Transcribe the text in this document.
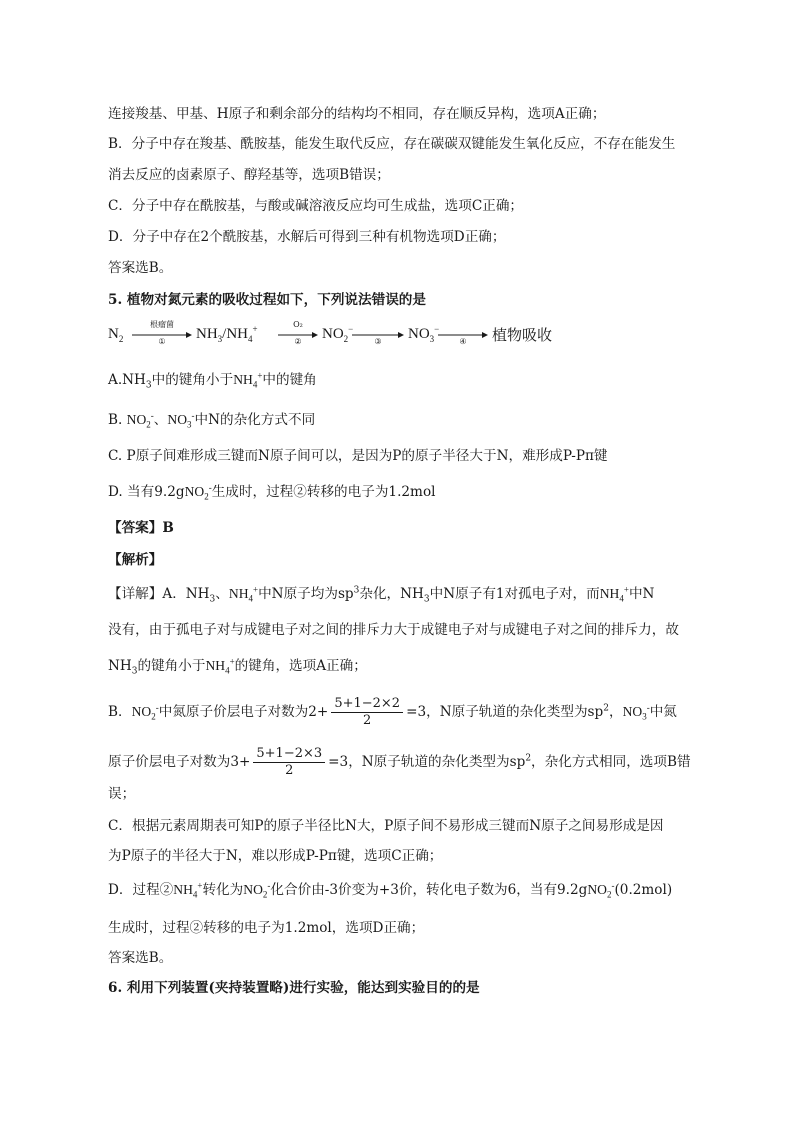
连接羧基、甲基、H原子和剩余部分的结构均不相同，存在顺反异构，选项A正确；
B．分子中存在羧基、酰胺基，能发生取代反应，存在碳碳双键能发生氧化反应，不存在能发生
消去反应的卤素原子、醇羟基等，选项B错误；
C．分子中存在酰胺基，与酸或碱溶液反应均可生成盐，选项C正确；
D．分子中存在2个酰胺基，水解后可得到三种有机物选项D正确；
答案选B。
5. 植物对氮元素的吸收过程如下，下列说法错误的是
$N_2$
根瘤菌
①	$NH_3/NH_4^+$	O₂
②	$NO_2^-$
③	$NO_3^-$
④	植物吸收
$A.NH_3$中的键角小于$NH_4^+$中的键角
B. $NO_2^-$、$NO_3^-$中N的杂化方式不同
C. P原子间难形成三键而N原子间可以，是因为P的原子半径大于N，难形成P-Pπ键
D. 当有9.2gNO$_2$-生成时，过程②转移的电子为1.2mol
【答案】B
【解析】
【详解】A．$NH_3$、$NH_4^+$中N原子均为$sp^3$杂化，$NH_3$中N原子有1对孤电子对，而$NH_4^+$中N
没有，由于孤电子对与成键电子对之间的排斥力大于成键电子对与成键电子对之间的排斥力，故
$NH_3$的键角小于$NH_4^+$的键角，选项A正确；
B．$NO_2^-$中氮原子价层电子对数为$2+ \frac{5+1-2\times 2}{2} =3$，N原子轨道的杂化类型为$sp^2$，$NO_3^-$中氮
原子价层电子对数为$3+ \frac{5+1-2\times 3}{2} =3$，N原子轨道的杂化类型为$sp^2$，杂化方式相同，选项B错
误；
C．根据元素周期表可知P的原子半径比N大，P原子间不易形成三键而N原子之间易形成是因
为P原子的半径大于N，难以形成P-Pπ键，选项C正确；
D．过程$②NH_4^+$转化为$NO_2^-$化合价由-3价变为+3价，转化电子数为6，当有9.2gNO$_2$-(0.2mol)
生成时，过程②转移的电子为1.2mol，选项D正确；
答案选B。
6. 利用下列装置(夹持装置略)进行实验，能达到实验目的的是
